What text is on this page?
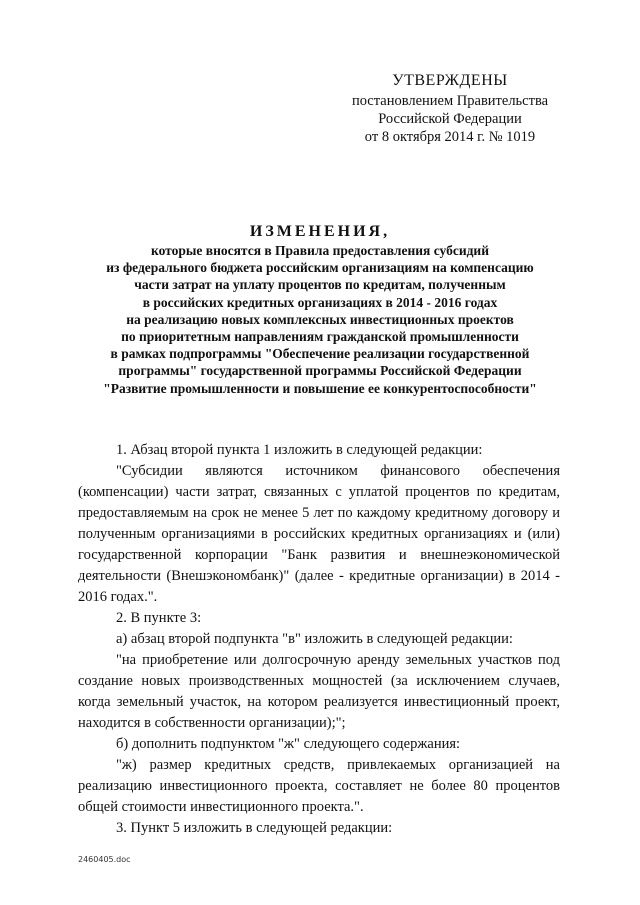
УТВЕРЖДЕНЫ
постановлением Правительства
Российской Федерации
от 8 октября 2014 г. № 1019
ИЗМЕНЕНИЯ,
которые вносятся в Правила предоставления субсидий
из федерального бюджета российским организациям на компенсацию
части затрат на уплату процентов по кредитам, полученным
в российских кредитных организациях в 2014 - 2016 годах
на реализацию новых комплексных инвестиционных проектов
по приоритетным направлениям гражданской промышленности
в рамках подпрограммы "Обеспечение реализации государственной
программы" государственной программы Российской Федерации
"Развитие промышленности и повышение ее конкурентоспособности"

1. Абзац второй пункта 1 изложить в следующей редакции:

"Субсидии являются источником финансового обеспечения (компенсации) части затрат, связанных с уплатой процентов по кредитам, предоставляемым на срок не менее 5 лет по каждому кредитному договору и полученным организациями в российских кредитных организациях и (или) государственной корпорации "Банк развития и внешнеэкономической деятельности (Внешэкономбанк)" (далее - кредитные организации) в 2014 - 2016 годах.".

2. В пункте 3:

а) абзац второй подпункта "в" изложить в следующей редакции:

"на приобретение или долгосрочную аренду земельных участков под создание новых производственных мощностей (за исключением случаев, когда земельный участок, на котором реализуется инвестиционный проект, находится в собственности организации);";

б) дополнить подпунктом "ж" следующего содержания:

"ж) размер кредитных средств, привлекаемых организацией на реализацию инвестиционного проекта, составляет не более 80 процентов общей стоимости инвестиционного проекта.".

3. Пункт 5 изложить в следующей редакции:

2460405.doc
